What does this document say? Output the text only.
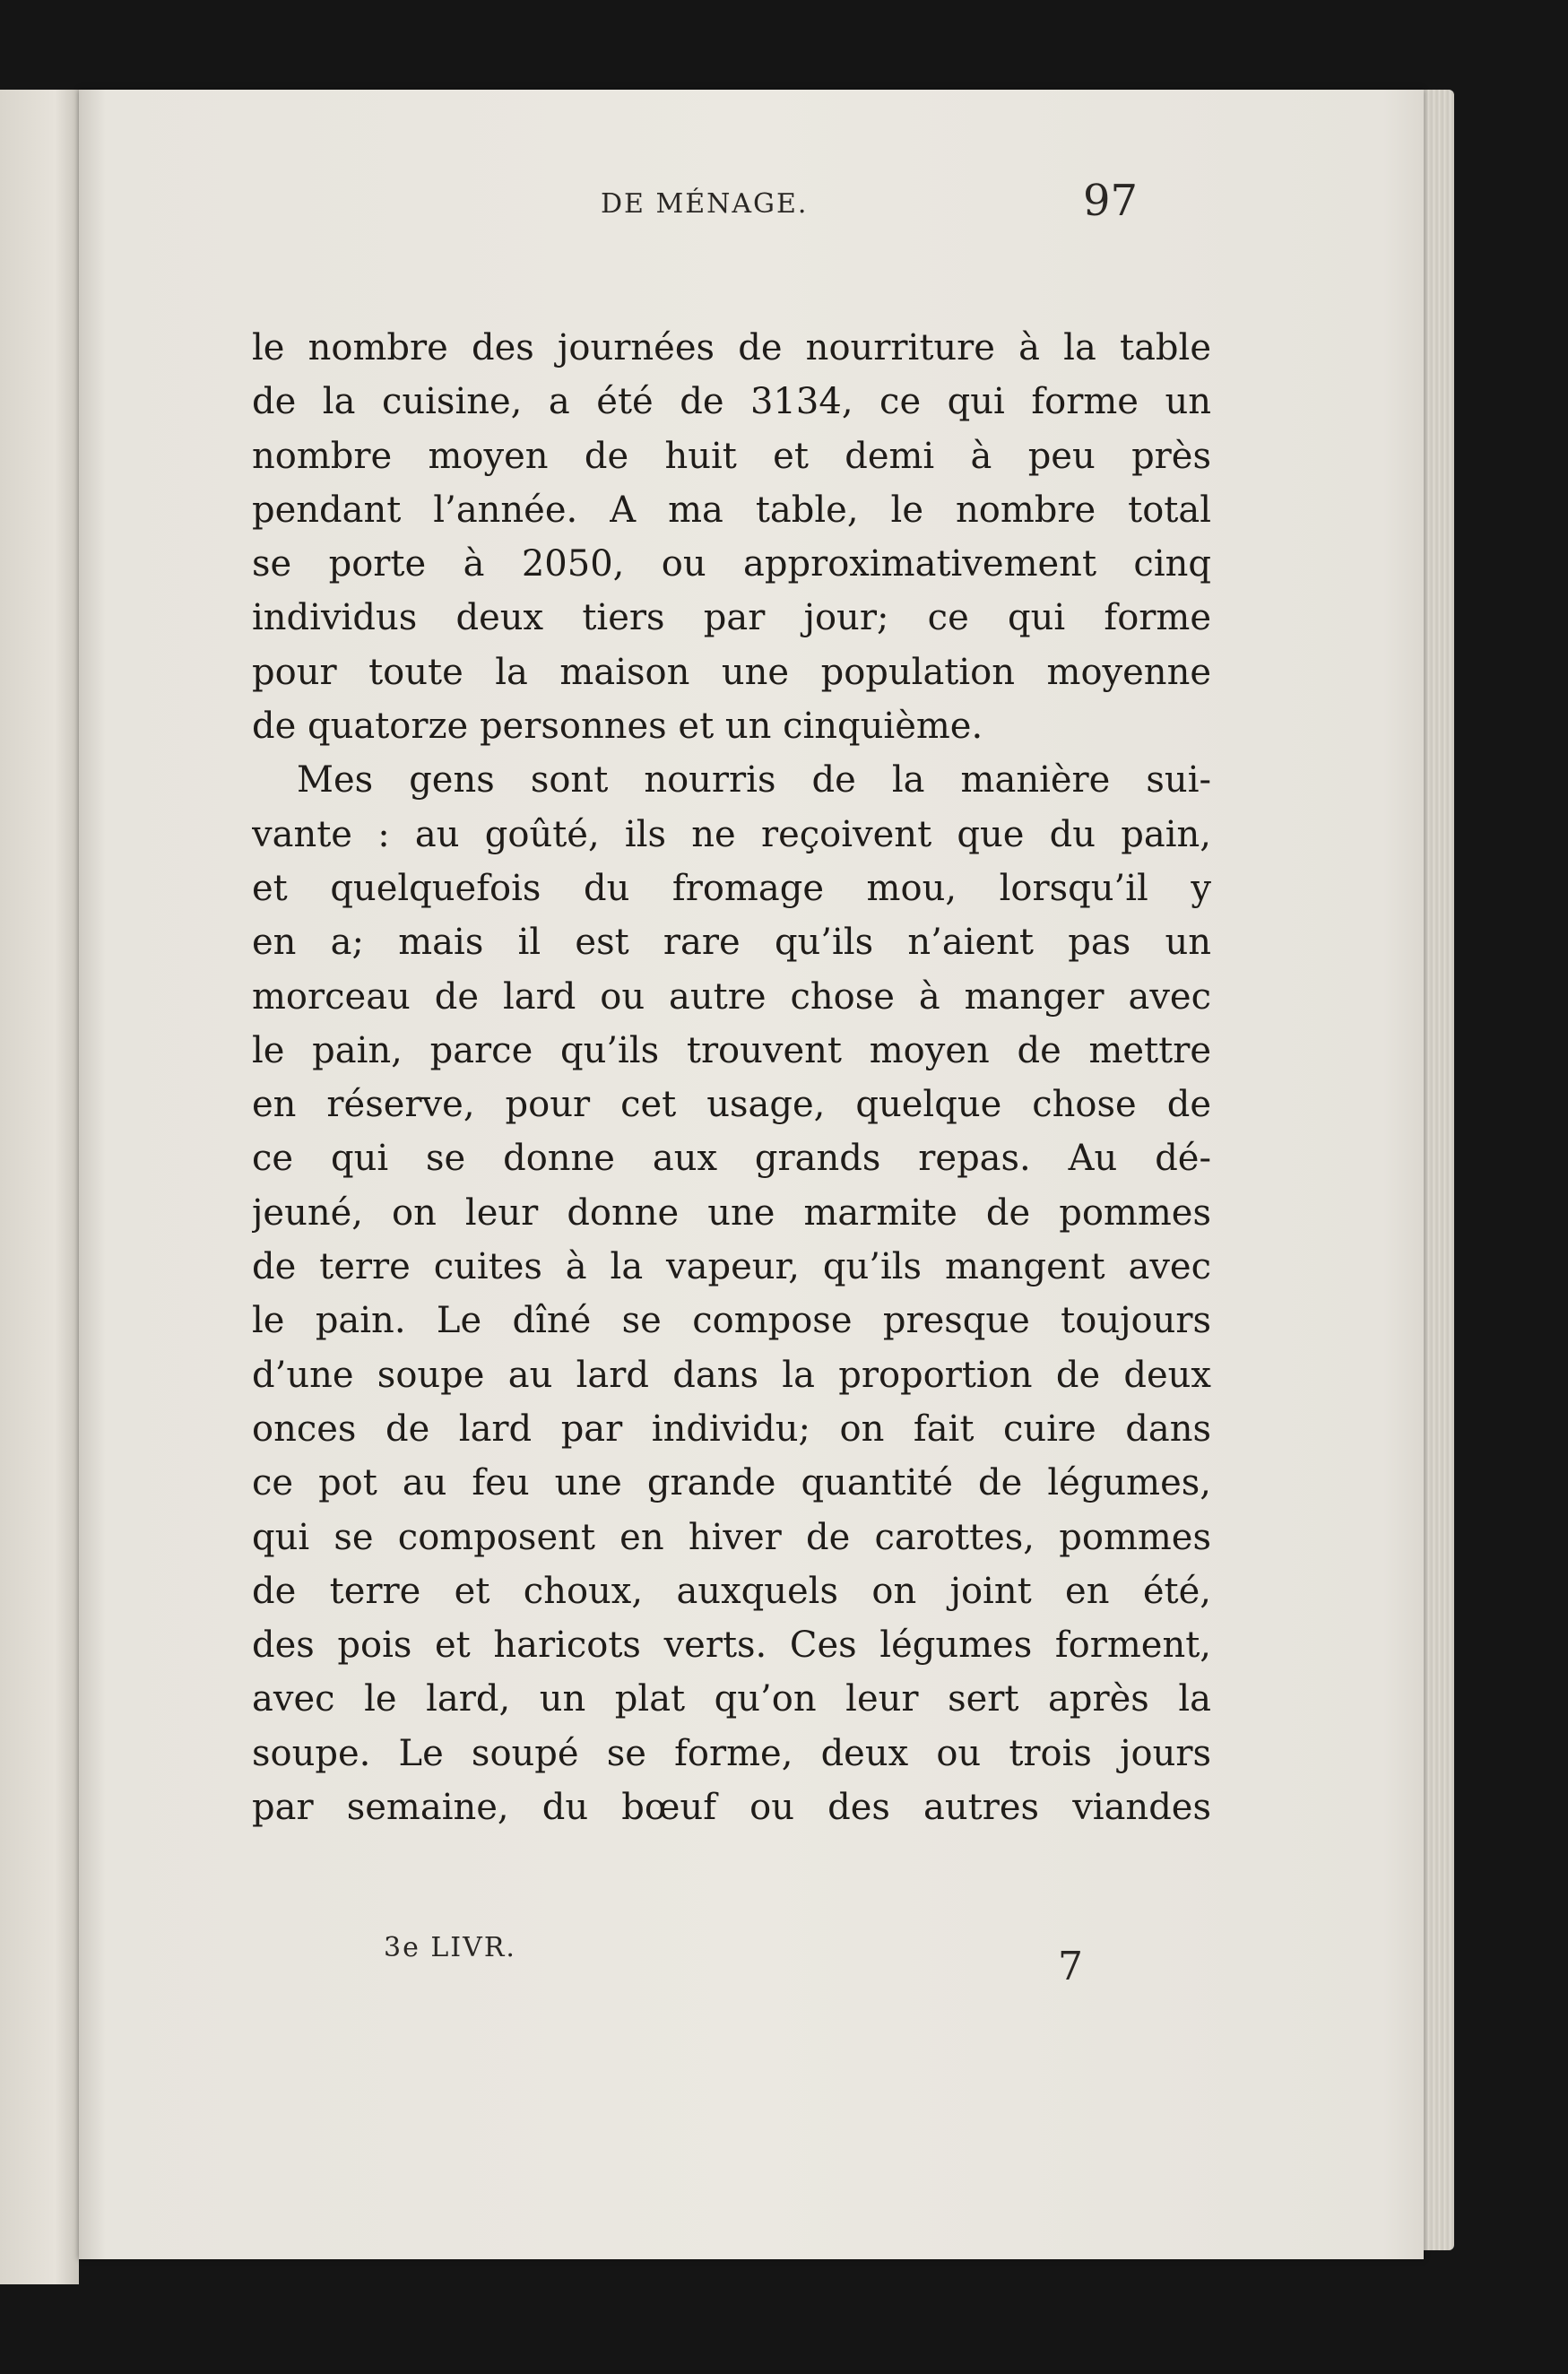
DE MÉNAGE.	97
le nombre des journées de nourriture à la table
de la cuisine, a été de 3134, ce qui forme un
nombre moyen de huit et demi à peu près
pendant l’année. A ma table, le nombre total
se porte à 2050, ou approximativement cinq
individus deux tiers par jour; ce qui forme
pour toute la maison une population moyenne
de quatorze personnes et un cinquième.
Mes gens sont nourris de la manière sui-
vante : au goûté, ils ne reçoivent que du pain,
et quelquefois du fromage mou, lorsqu’il y
en a; mais il est rare qu’ils n’aient pas un
morceau de lard ou autre chose à manger avec
le pain, parce qu’ils trouvent moyen de mettre
en réserve, pour cet usage, quelque chose de
ce qui se donne aux grands repas. Au dé-
jeuné, on leur donne une marmite de pommes
de terre cuites à la vapeur, qu’ils mangent avec
le pain. Le dîné se compose presque toujours
d’une soupe au lard dans la proportion de deux
onces de lard par individu; on fait cuire dans
ce pot au feu une grande quantité de légumes,
qui se composent en hiver de carottes, pommes
de terre et choux, auxquels on joint en été,
des pois et haricots verts. Ces légumes forment,
avec le lard, un plat qu’on leur sert après la
soupe. Le soupé se forme, deux ou trois jours
par semaine, du bœuf ou des autres viandes
3e LIVR.	7
